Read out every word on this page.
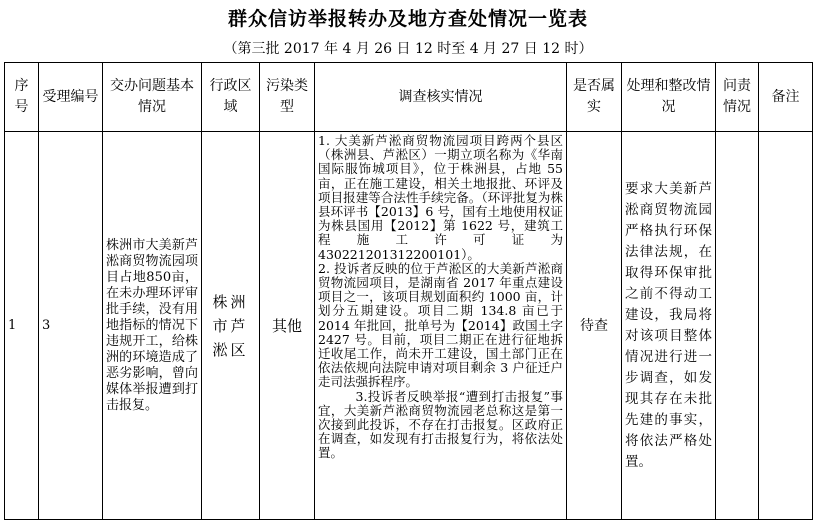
群众信访举报转办及地方查处情况一览表
（第三批 2017 年 4 月 26 日 12 时至 4 月 27 日 12 时）
序号	受理编号	交办问题基本情况	行政区域	污染类型	调查核实情况	是否属实	处理和整改情况	问责情况	备注
1	3	株洲市大美新芦淞商贸物流园项目占地850亩，在未办理环评审批手续，没有用地指标的情况下违规开工，给株洲的环境造成了恶劣影响，曾向媒体举报遭到打击报复。	株洲市芦淞区	其他	1. 大美新芦淞商贸物流园项目跨两个县区（株洲县、芦淞区）一期立项名称为《华南国际服饰城项目》，位于株洲县，占地 55 亩，正在施工建设，相关土地报批、环评及项目报建等合法性手续完备。（环评批复为株县环评书【2013】6 号，国有土地使用权证为株县国用【2012】第 1622 号，建筑工程施工许可证为 430221201312200101）。

2. 投诉者反映的位于芦淞区的大美新芦淞商贸物流园项目，是湖南省 2017 年重点建设项目之一，该项目规划面积约 1000 亩，计划分五期建设。项目二期 134.8 亩已于 2014 年批回，批单号为【2014】政国土字 2427 号。目前，项目二期正在进行征地拆迁收尾工作，尚未开工建设，国土部门正在依法依规向法院申请对项目剩余 3 户征迁户走司法强拆程序。

3.投诉者反映举报“遭到打击报复”事宜，大美新芦淞商贸物流园老总称这是第一次接到此投诉，不存在打击报复。区政府正在调查，如发现有打击报复行为，将依法处置。	待查	要求大美新芦淞商贸物流园严格执行环保法律法规，在取得环保审批之前不得动工建设，我局将对该项目整体情况进行进一步调查，如发现其存在未批先建的事实，将依法严格处置。		
